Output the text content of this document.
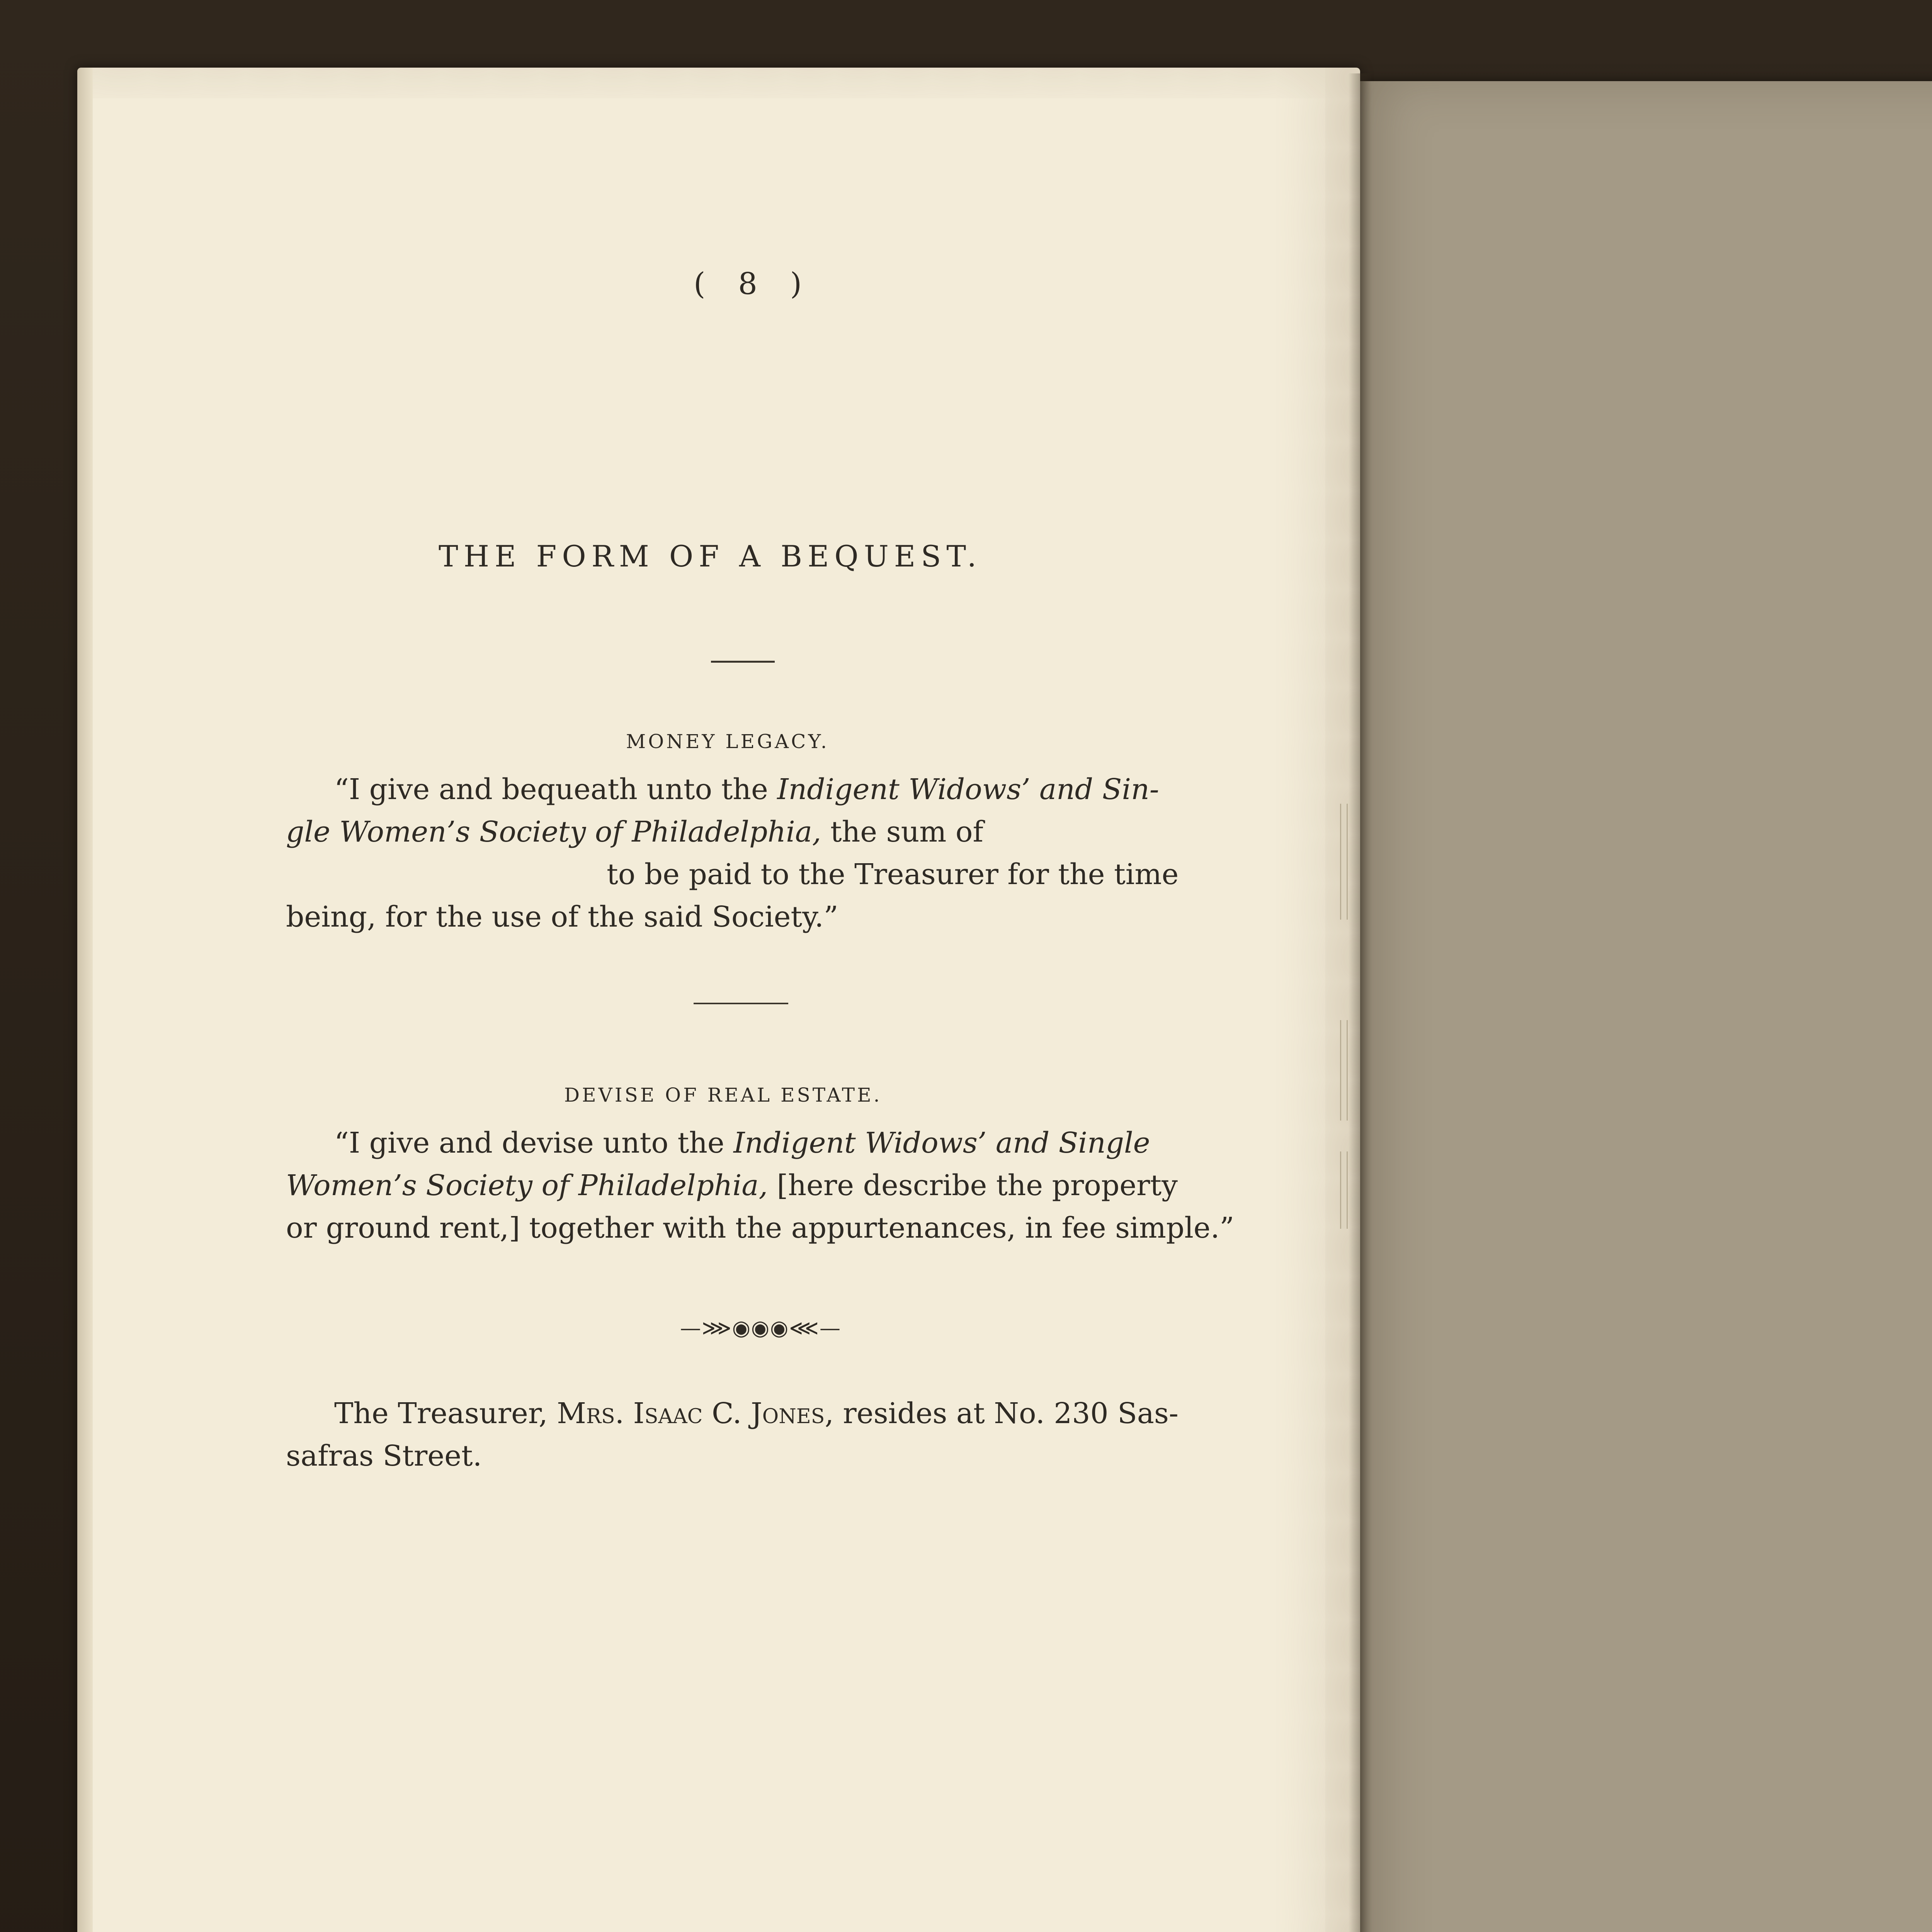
( 8 )
THE FORM OF A BEQUEST.
MONEY LEGACY.
“I give and bequeath unto the Indigent Widows’ and Sin-
gle Women’s Society of Philadelphia, the sum of
to be paid to the Treasurer for the time
being, for the use of the said Society.”
DEVISE OF REAL ESTATE.
“I give and devise unto the Indigent Widows’ and Single
Women’s Society of Philadelphia, [here describe the property
or ground rent,] together with the appurtenances, in fee simple.”
—⋙◉◉◉⋘—
The Treasurer, Mrs. Isaac C. Jones, resides at No. 230 Sas-
safras Street.
